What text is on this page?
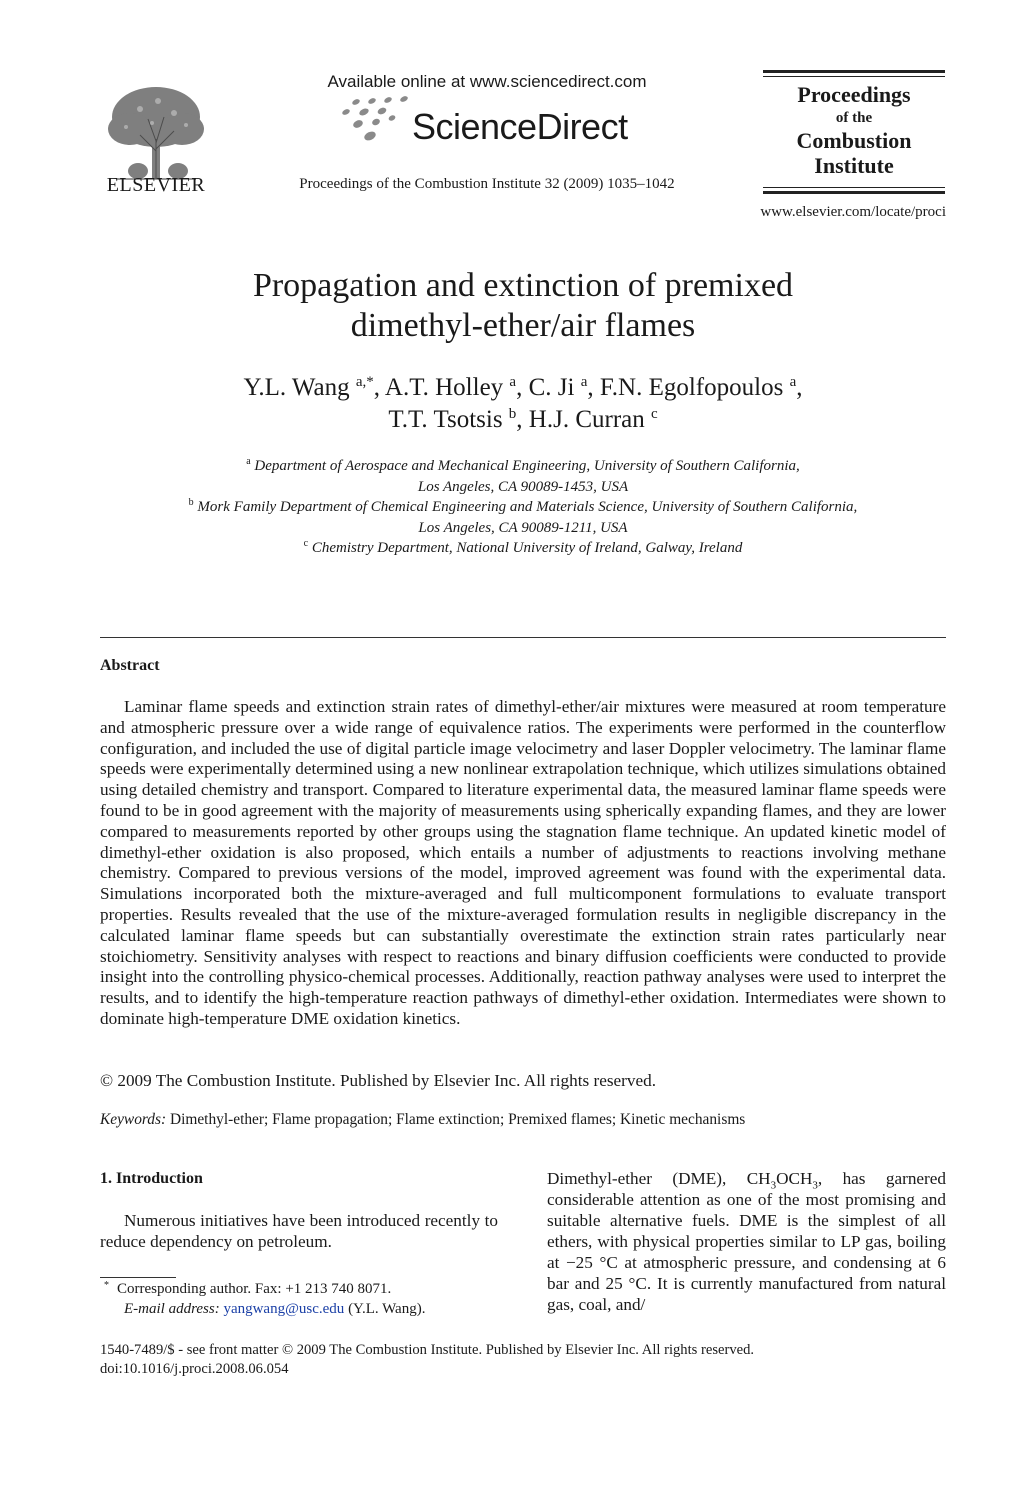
ELSEVIER
Available online at www.sciencedirect.com
ScienceDirect
Proceedings of the Combustion Institute 32 (2009) 1035–1042
Proceedings
of the
Combustion
Institute
www.elsevier.com/locate/proci
Propagation and extinction of premixed
dimethyl-ether/air flames
Y.L. Wang $^{a,*}$, A.T. Holley $^a$, C. Ji $^a$, F.N. Egolfopoulos $^a$,
T.T. Tsotsis $^b$, H.J. Curran $^c$
$^a$ Department of Aerospace and Mechanical Engineering, University of Southern California,
Los Angeles, CA 90089-1453, USA
$^b$ Mork Family Department of Chemical Engineering and Materials Science, University of Southern California,
Los Angeles, CA 90089-1211, USA
$^c$ Chemistry Department, National University of Ireland, Galway, Ireland
Abstract
Laminar flame speeds and extinction strain rates of dimethyl-ether/air mixtures were measured at room temperature and atmospheric pressure over a wide range of equivalence ratios. The experiments were performed in the counterflow configuration, and included the use of digital particle image velocimetry and laser Doppler velocimetry. The laminar flame speeds were experimentally determined using a new nonlinear extrapolation technique, which utilizes simulations obtained using detailed chemistry and transport. Compared to literature experimental data, the measured laminar flame speeds were found to be in good agreement with the majority of measurements using spherically expanding flames, and they are lower compared to measurements reported by other groups using the stagnation flame technique. An updated kinetic model of dimethyl-ether oxidation is also proposed, which entails a number of adjustments to reactions involving methane chemistry. Compared to previous versions of the model, improved agreement was found with the experimental data. Simulations incorporated both the mixture-averaged and full multicomponent formulations to evaluate transport properties. Results revealed that the use of the mixture-averaged formulation results in negligible discrepancy in the calculated laminar flame speeds but can substantially overestimate the extinction strain rates particularly near stoichiometry. Sensitivity analyses with respect to reactions and binary diffusion coefficients were conducted to provide insight into the controlling physico-chemical processes. Additionally, reaction pathway analyses were used to interpret the results, and to identify the high-temperature reaction pathways of dimethyl-ether oxidation. Intermediates were shown to dominate high-temperature DME oxidation kinetics.
© 2009 The Combustion Institute. Published by Elsevier Inc. All rights reserved.
Keywords: Dimethyl-ether; Flame propagation; Flame extinction; Premixed flames; Kinetic mechanisms
1. Introduction
Numerous initiatives have been introduced recently to reduce dependency on petroleum.
Dimethyl-ether (DME), $CH_3OCH_3$, has garnered considerable attention as one of the most promising and suitable alternative fuels. DME is the simplest of all ethers, with physical properties similar to LP gas, boiling at −25 °C at atmospheric pressure, and condensing at 6 bar and 25 °C. It is currently manufactured from natural gas, coal, and/
* Corresponding author. Fax: +1 213 740 8071.
E-mail address: yangwang@usc.edu (Y.L. Wang).
1540-7489/$ - see front matter © 2009 The Combustion Institute. Published by Elsevier Inc. All rights reserved.
doi:10.1016/j.proci.2008.06.054
